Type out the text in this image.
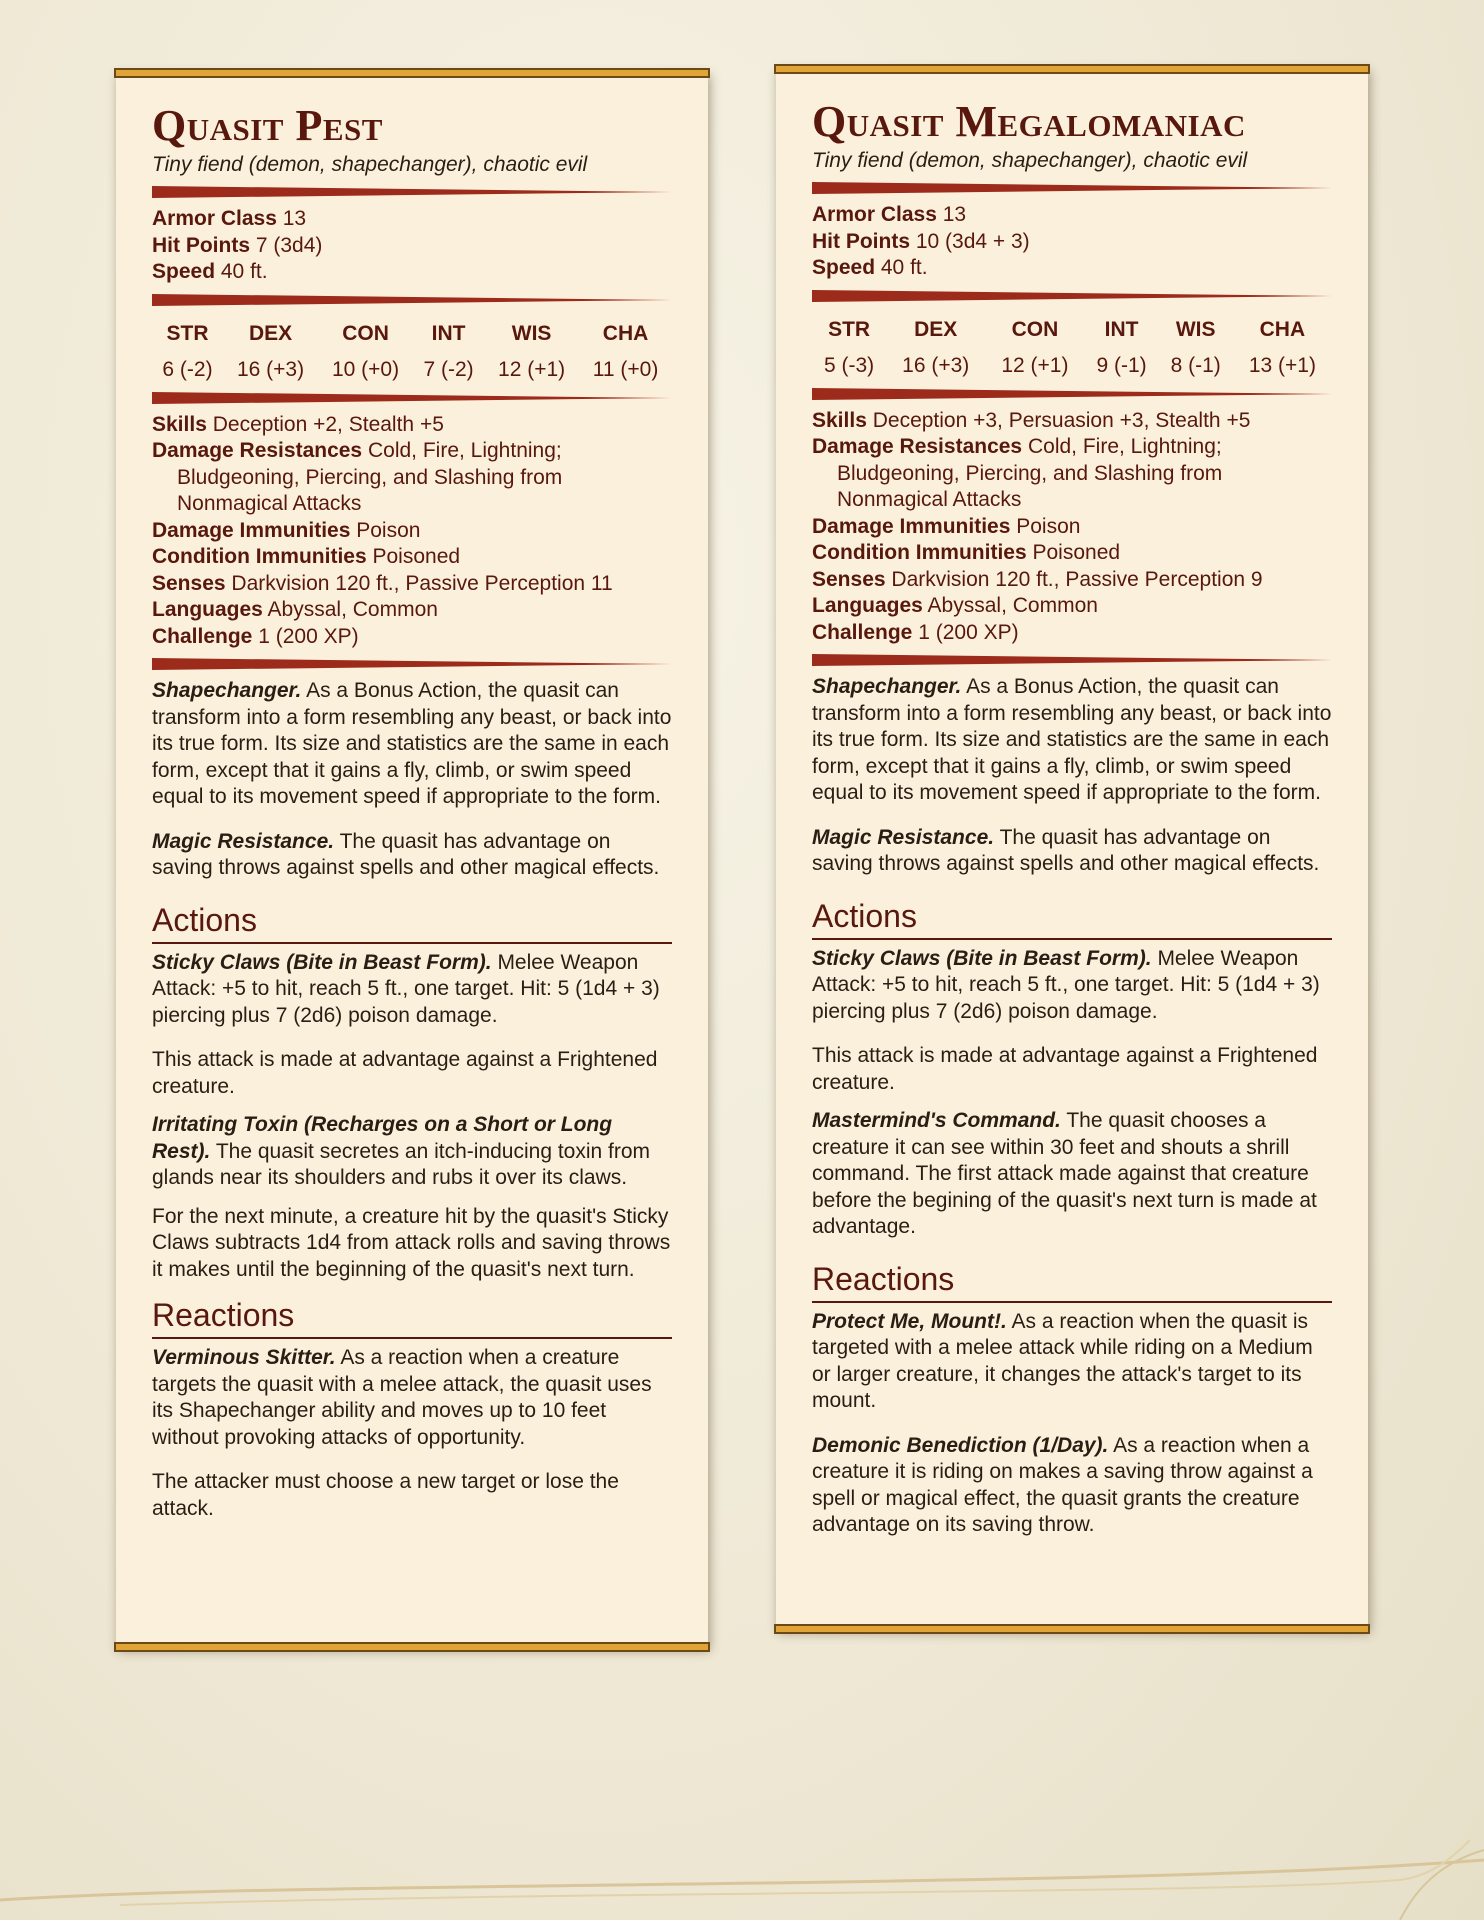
Quasit Pest
Tiny fiend (demon, shapechanger), chaotic evil
Armor Class 13
Hit Points 7 (3d4)
Speed 40 ft.
STR	DEX	CON	INT	WIS	CHA
6 (-2)	16 (+3)	10 (+0)	7 (-2)	12 (+1)	11 (+0)
Skills Deception +2, Stealth +5
Damage Resistances Cold, Fire, Lightning; Bludgeoning, Piercing, and Slashing from Nonmagical Attacks
Damage Immunities Poison
Condition Immunities Poisoned
Senses Darkvision 120 ft., Passive Perception 11
Languages Abyssal, Common
Challenge 1 (200 XP)

Shapechanger. As a Bonus Action, the quasit can transform into a form resembling any beast, or back into its true form. Its size and statistics are the same in each form, except that it gains a fly, climb, or swim speed equal to its movement speed if appropriate to the form.

Magic Resistance. The quasit has advantage on saving throws against spells and other magical effects.

Actions

Sticky Claws (Bite in Beast Form). Melee Weapon Attack: +5 to hit, reach 5 ft., one target. Hit: 5 (1d4 + 3) piercing plus 7 (2d6) poison damage.

This attack is made at advantage against a Frightened creature.

Irritating Toxin (Recharges on a Short or Long Rest). The quasit secretes an itch-inducing toxin from glands near its shoulders and rubs it over its claws.

For the next minute, a creature hit by the quasit's Sticky Claws subtracts 1d4 from attack rolls and saving throws it makes until the beginning of the quasit's next turn.

Reactions

Verminous Skitter. As a reaction when a creature targets the quasit with a melee attack, the quasit uses its Shapechanger ability and moves up to 10 feet without provoking attacks of opportunity.

The attacker must choose a new target or lose the attack.

Quasit Megalomaniac
Tiny fiend (demon, shapechanger), chaotic evil
Armor Class 13
Hit Points 10 (3d4 + 3)
Speed 40 ft.
STR	DEX	CON	INT	WIS	CHA
5 (-3)	16 (+3)	12 (+1)	9 (-1)	8 (-1)	13 (+1)
Skills Deception +3, Persuasion +3, Stealth +5
Damage Resistances Cold, Fire, Lightning; Bludgeoning, Piercing, and Slashing from Nonmagical Attacks
Damage Immunities Poison
Condition Immunities Poisoned
Senses Darkvision 120 ft., Passive Perception 9
Languages Abyssal, Common
Challenge 1 (200 XP)

Shapechanger. As a Bonus Action, the quasit can transform into a form resembling any beast, or back into its true form. Its size and statistics are the same in each form, except that it gains a fly, climb, or swim speed equal to its movement speed if appropriate to the form.

Magic Resistance. The quasit has advantage on saving throws against spells and other magical effects.

Actions

Sticky Claws (Bite in Beast Form). Melee Weapon Attack: +5 to hit, reach 5 ft., one target. Hit: 5 (1d4 + 3) piercing plus 7 (2d6) poison damage.

This attack is made at advantage against a Frightened creature.

Mastermind's Command. The quasit chooses a creature it can see within 30 feet and shouts a shrill command. The first attack made against that creature before the begining of the quasit's next turn is made at advantage.

Reactions

Protect Me, Mount!. As a reaction when the quasit is targeted with a melee attack while riding on a Medium or larger creature, it changes the attack's target to its mount.

Demonic Benediction (1/Day). As a reaction when a creature it is riding on makes a saving throw against a spell or magical effect, the quasit grants the creature advantage on its saving throw.
